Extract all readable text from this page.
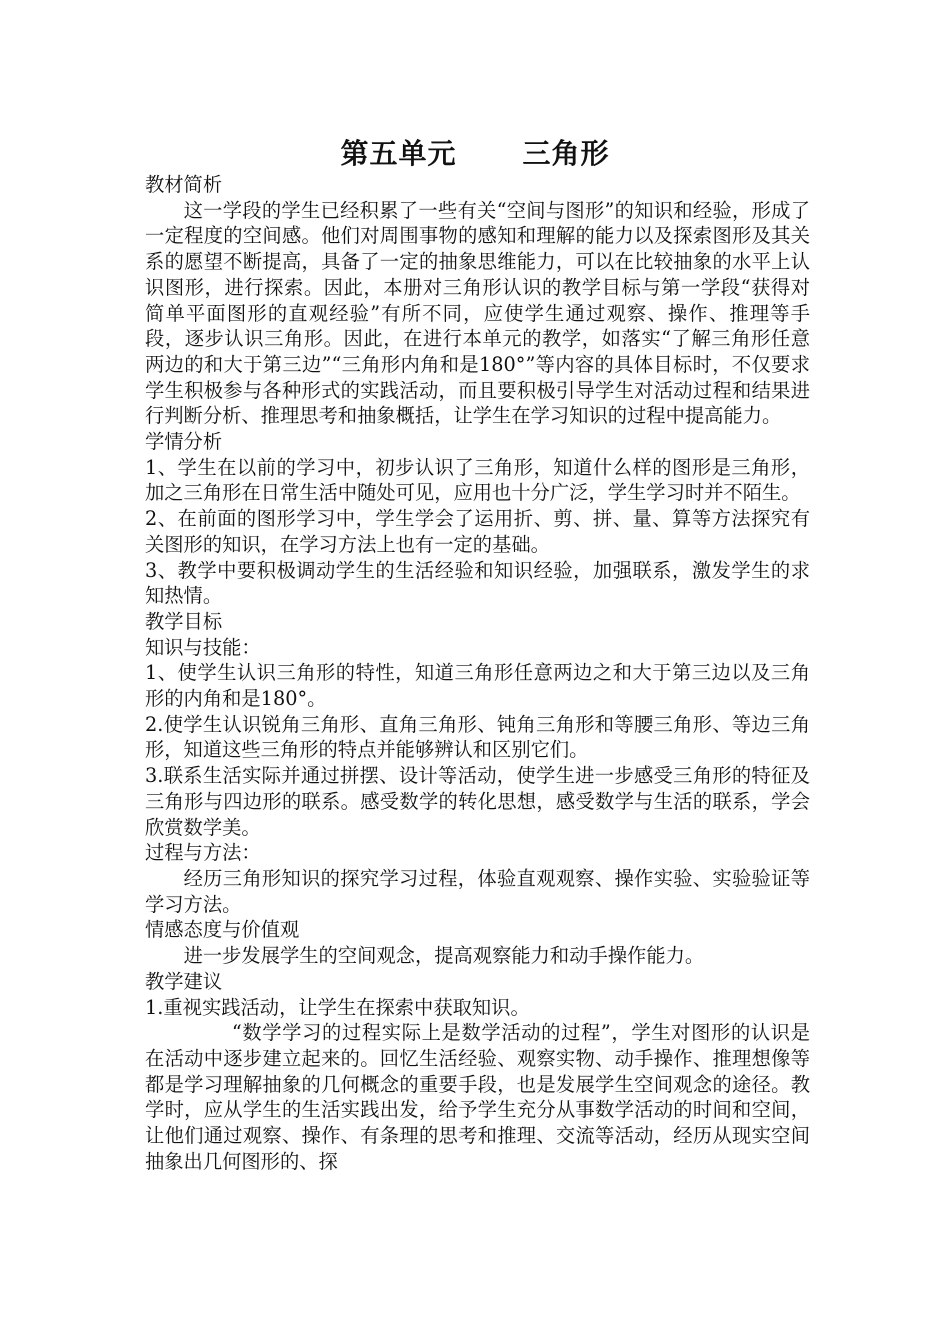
第五单元 三角形

教材简析

这一学段的学生已经积累了一些有关“空间与图形”的知识和经验，形成了一定程度的空间感。他们对周围事物的感知和理解的能力以及探索图形及其关系的愿望不断提高，具备了一定的抽象思维能力，可以在比较抽象的水平上认识图形，进行探索。因此，本册对三角形认识的教学目标与第一学段“获得对简单平面图形的直观经验”有所不同，应使学生通过观察、操作、推理等手段，逐步认识三角形。因此，在进行本单元的教学，如落实“了解三角形任意两边的和大于第三边”“三角形内角和是180°”等内容的具体目标时，不仅要求学生积极参与各种形式的实践活动，而且要积极引导学生对活动过程和结果进行判断分析、推理思考和抽象概括，让学生在学习知识的过程中提高能力。

学情分析

1、学生在以前的学习中，初步认识了三角形，知道什么样的图形是三角形，加之三角形在日常生活中随处可见，应用也十分广泛，学生学习时并不陌生。

2、在前面的图形学习中，学生学会了运用折、剪、拼、量、算等方法探究有关图形的知识，在学习方法上也有一定的基础。

3、教学中要积极调动学生的生活经验和知识经验，加强联系，激发学生的求知热情。

教学目标

知识与技能：

1、使学生认识三角形的特性，知道三角形任意两边之和大于第三边以及三角形的内角和是180°。

2.使学生认识锐角三角形、直角三角形、钝角三角形和等腰三角形、等边三角形，知道这些三角形的特点并能够辨认和区别它们。

3.联系生活实际并通过拼摆、设计等活动，使学生进一步感受三角形的特征及三角形与四边形的联系。感受数学的转化思想，感受数学与生活的联系，学会欣赏数学美。

过程与方法：

经历三角形知识的探究学习过程，体验直观观察、操作实验、实验验证等学习方法。

情感态度与价值观

进一步发展学生的空间观念，提高观察能力和动手操作能力。

教学建议

1.重视实践活动，让学生在探索中获取知识。

“数学学习的过程实际上是数学活动的过程”，学生对图形的认识是在活动中逐步建立起来的。回忆生活经验、观察实物、动手操作、推理想像等都是学习理解抽象的几何概念的重要手段，也是发展学生空间观念的途径。教学时，应从学生的生活实践出发，给予学生充分从事数学活动的时间和空间，让他们通过观察、操作、有条理的思考和推理、交流等活动，经历从现实空间抽象出几何图形的、探
